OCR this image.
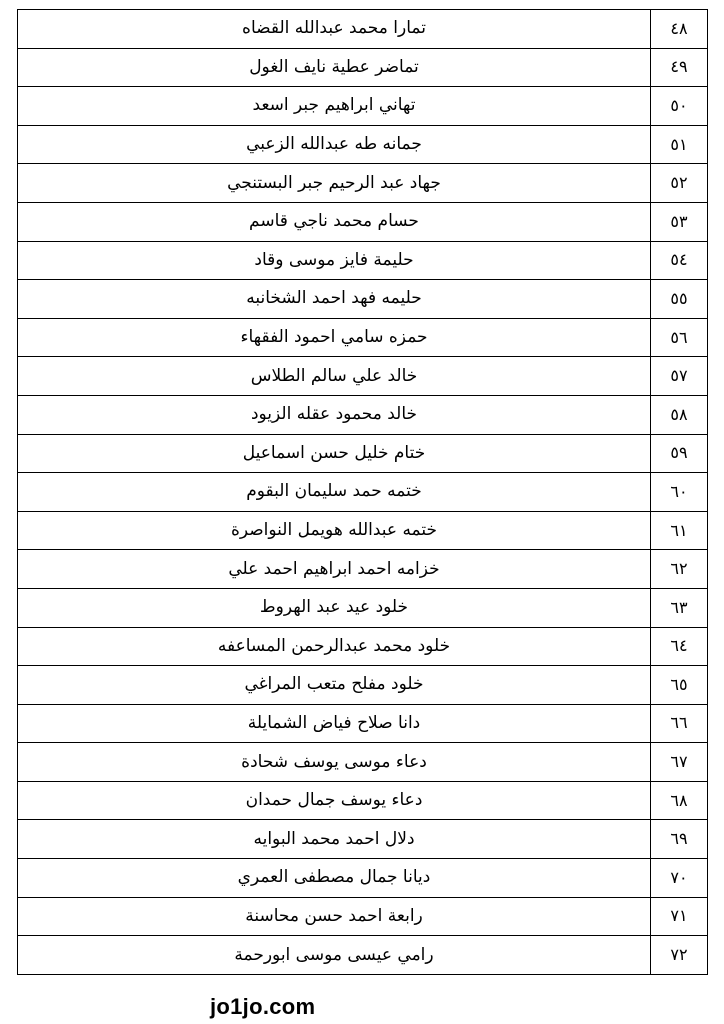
٤٨	تمارا محمد عبدالله القضاه
٤٩	تماضر عطية نايف الغول
٥٠	تهاني ابراهيم جبر اسعد
٥١	جمانه طه عبدالله الزعبي
٥٢	جهاد عبد الرحيم جبر البستنجي
٥٣	حسام محمد ناجي قاسم
٥٤	حليمة فايز موسى وقاد
٥٥	حليمه فهد احمد الشخانبه
٥٦	حمزه سامي احمود الفقهاء
٥٧	خالد علي سالم الطلاس
٥٨	خالد محمود عقله الزيود
٥٩	ختام خليل حسن اسماعيل
٦٠	ختمه حمد سليمان البقوم
٦١	ختمه عبدالله هويمل النواصرة
٦٢	خزامه احمد ابراهيم احمد علي
٦٣	خلود عيد عبد الهروط
٦٤	خلود محمد عبدالرحمن المساعفه
٦٥	خلود مفلح متعب المراغي
٦٦	دانا صلاح فياض الشمايلة
٦٧	دعاء موسى يوسف شحادة
٦٨	دعاء يوسف جمال حمدان
٦٩	دلال احمد محمد البوايه
٧٠	ديانا جمال مصطفى العمري
٧١	رابعة احمد حسن محاسنة
٧٢	رامي عيسى موسى ابورحمة
jo1jo.com
